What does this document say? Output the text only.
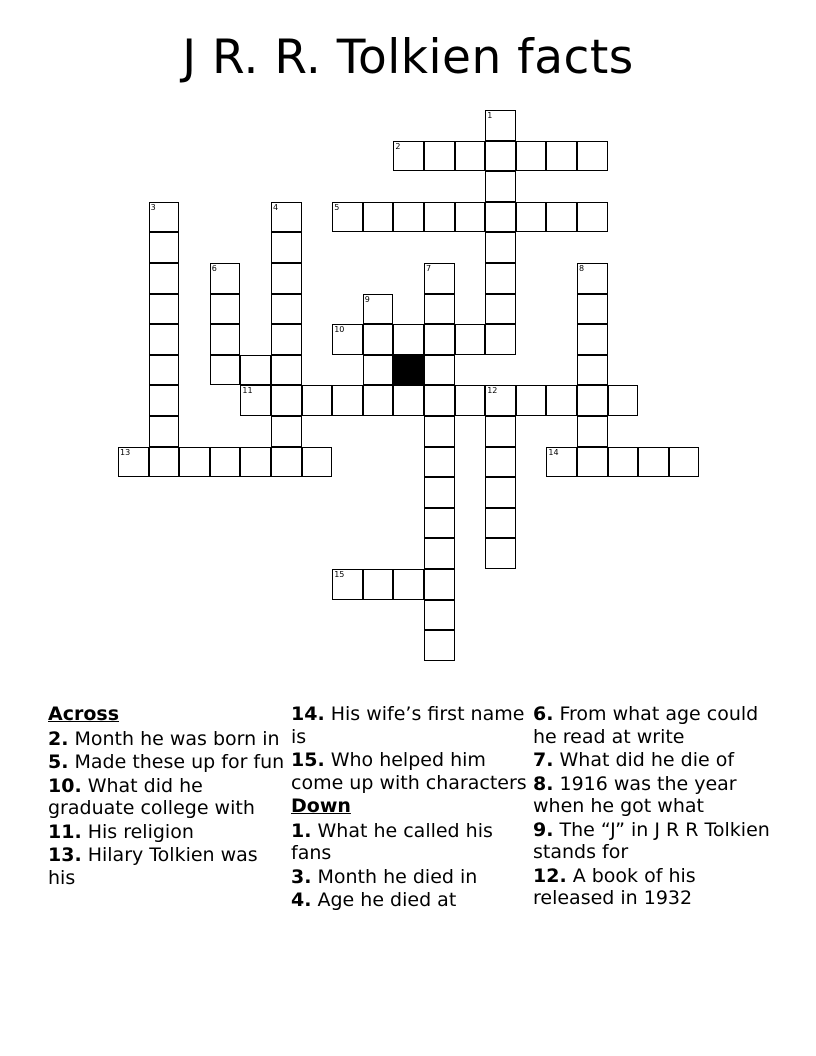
J R. R. Tolkien facts
1
2
3	4	5
6	7	8
9
10
11	12
13	14
15
Across
2. Month he was born in
5. Made these up for fun
10. What did he graduate college with
11. His religion
13. Hilary Tolkien was his
14. His wife’s first name is
15. Who helped him come up with characters
Down
1. What he called his fans
3. Month he died in
4. Age he died at
6. From what age could he read at write
7. What did he die of
8. 1916 was the year when he got what
9. The “J” in J R R Tolkien stands for
12. A book of his released in 1932
